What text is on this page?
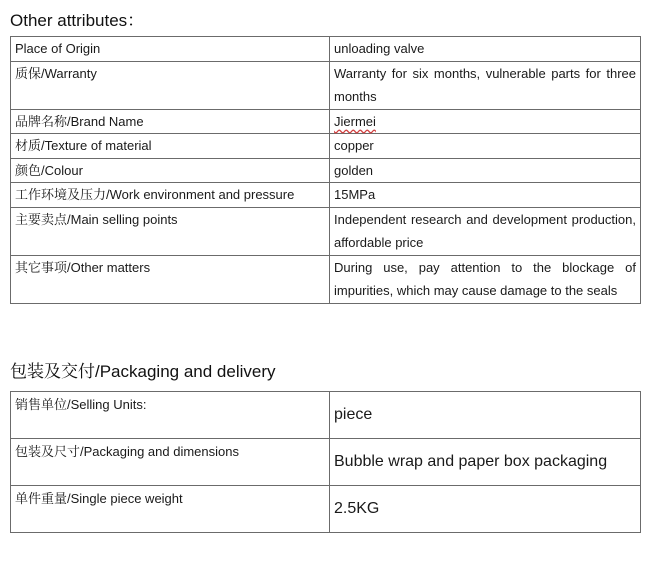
Other attributes：
Place of Origin	unloading valve
质保/Warranty	Warranty for six months, vulnerable parts for three months
品牌名称/Brand Name	Jiermei
材质/Texture of material	copper
颜色/Colour	golden
工作环境及压力/Work environment and pressure	15MPa
主要卖点/Main selling points	Independent research and development production, affordable price
其它事项/Other matters	During use, pay attention to the blockage of impurities, which may cause damage to the seals
包装及交付/Packaging and delivery
销售单位/Selling Units:	piece
包装及尺寸/Packaging and dimensions	Bubble wrap and paper box packaging
单件重量/Single piece weight	2.5KG
